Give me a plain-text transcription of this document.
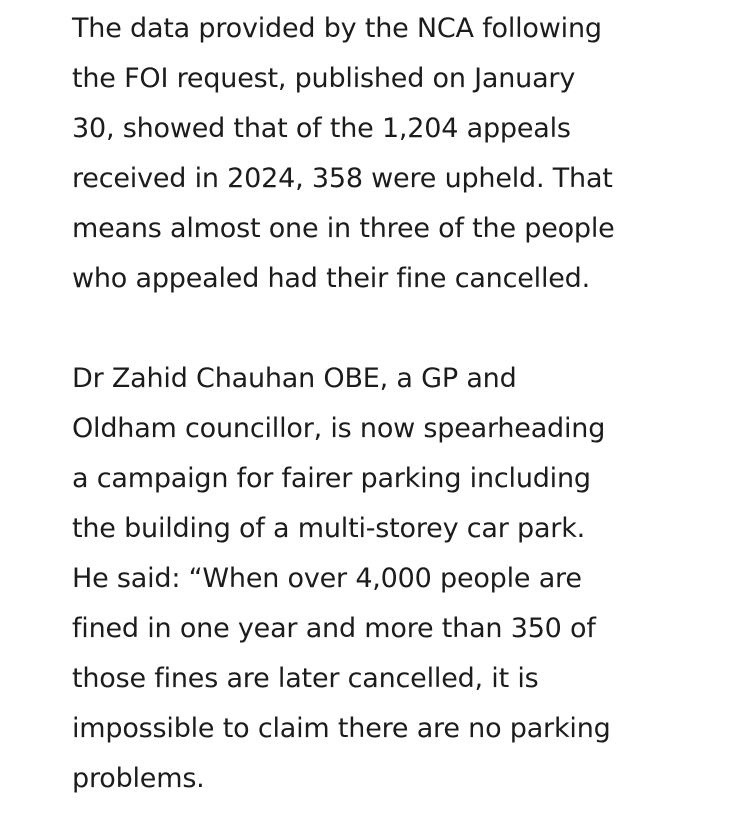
The data provided by the NCA following
the FOI request, published on January
30, showed that of the 1,204 appeals
received in 2024, 358 were upheld. That
means almost one in three of the people
who appealed had their fine cancelled.

Dr Zahid Chauhan OBE, a GP and
Oldham councillor, is now spearheading
a campaign for fairer parking including
the building of a multi-storey car park.
He said: “When over 4,000 people are
fined in one year and more than 350 of
those fines are later cancelled, it is
impossible to claim there are no parking
problems.
